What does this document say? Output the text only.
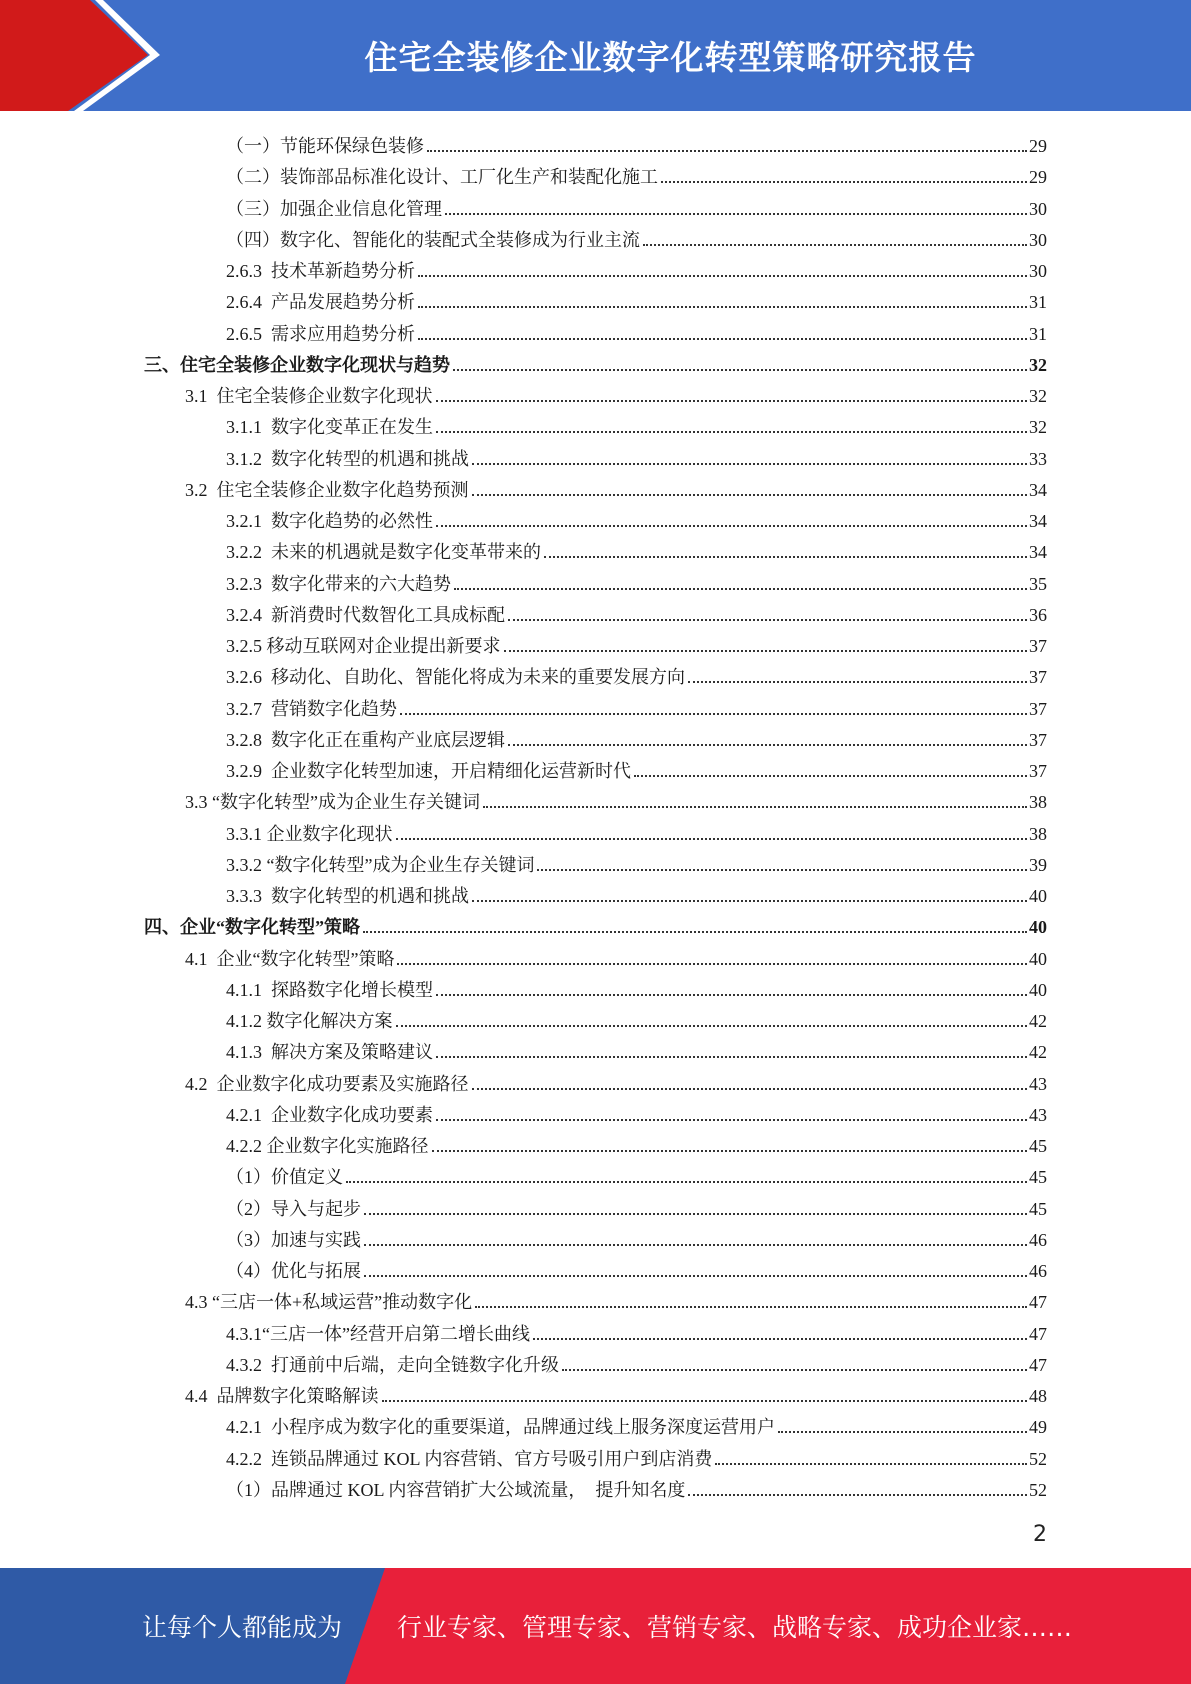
住宅全装修企业数字化转型策略研究报告
（一）节能环保绿色装修	29
（二）装饰部品标准化设计、工厂化生产和装配化施工	29
（三）加强企业信息化管理	30
（四）数字化、智能化的装配式全装修成为行业主流	30
2.6.3  技术革新趋势分析	30
2.6.4  产品发展趋势分析	31
2.6.5  需求应用趋势分析	31
三、住宅全装修企业数字化现状与趋势	32
3.1  住宅全装修企业数字化现状	32
3.1.1  数字化变革正在发生	32
3.1.2  数字化转型的机遇和挑战	33
3.2  住宅全装修企业数字化趋势预测	34
3.2.1  数字化趋势的必然性	34
3.2.2  未来的机遇就是数字化变革带来的	34
3.2.3  数字化带来的六大趋势	35
3.2.4  新消费时代数智化工具成标配	36
3.2.5 移动互联网对企业提出新要求	37
3.2.6  移动化、自助化、智能化将成为未来的重要发展方向	37
3.2.7  营销数字化趋势	37
3.2.8  数字化正在重构产业底层逻辑	37
3.2.9  企业数字化转型加速，开启精细化运营新时代	37
3.3 “数字化转型”成为企业生存关键词	38
3.3.1 企业数字化现状	38
3.3.2 “数字化转型”成为企业生存关键词	39
3.3.3  数字化转型的机遇和挑战	40
四、企业“数字化转型”策略	40
4.1  企业“数字化转型”策略	40
4.1.1  探路数字化增长模型	40
4.1.2 数字化解决方案	42
4.1.3  解决方案及策略建议	42
4.2  企业数字化成功要素及实施路径	43
4.2.1  企业数字化成功要素	43
4.2.2 企业数字化实施路径	45
（1）价值定义	45
（2）导入与起步	45
（3）加速与实践	46
（4）优化与拓展	46
4.3 “三店一体+私域运营”推动数字化	47
4.3.1“三店一体”经营开启第二增长曲线	47
4.3.2  打通前中后端，走向全链数字化升级	47
4.4  品牌数字化策略解读	48
4.2.1  小程序成为数字化的重要渠道，品牌通过线上服务深度运营用户	49
4.2.2  连锁品牌通过 KOL 内容营销、官方号吸引用户到店消费	52
（1）品牌通过 KOL 内容营销扩大公域流量，  提升知名度	52
2
让每个人都能成为 行业专家、管理专家、营销专家、战略专家、成功企业家……
